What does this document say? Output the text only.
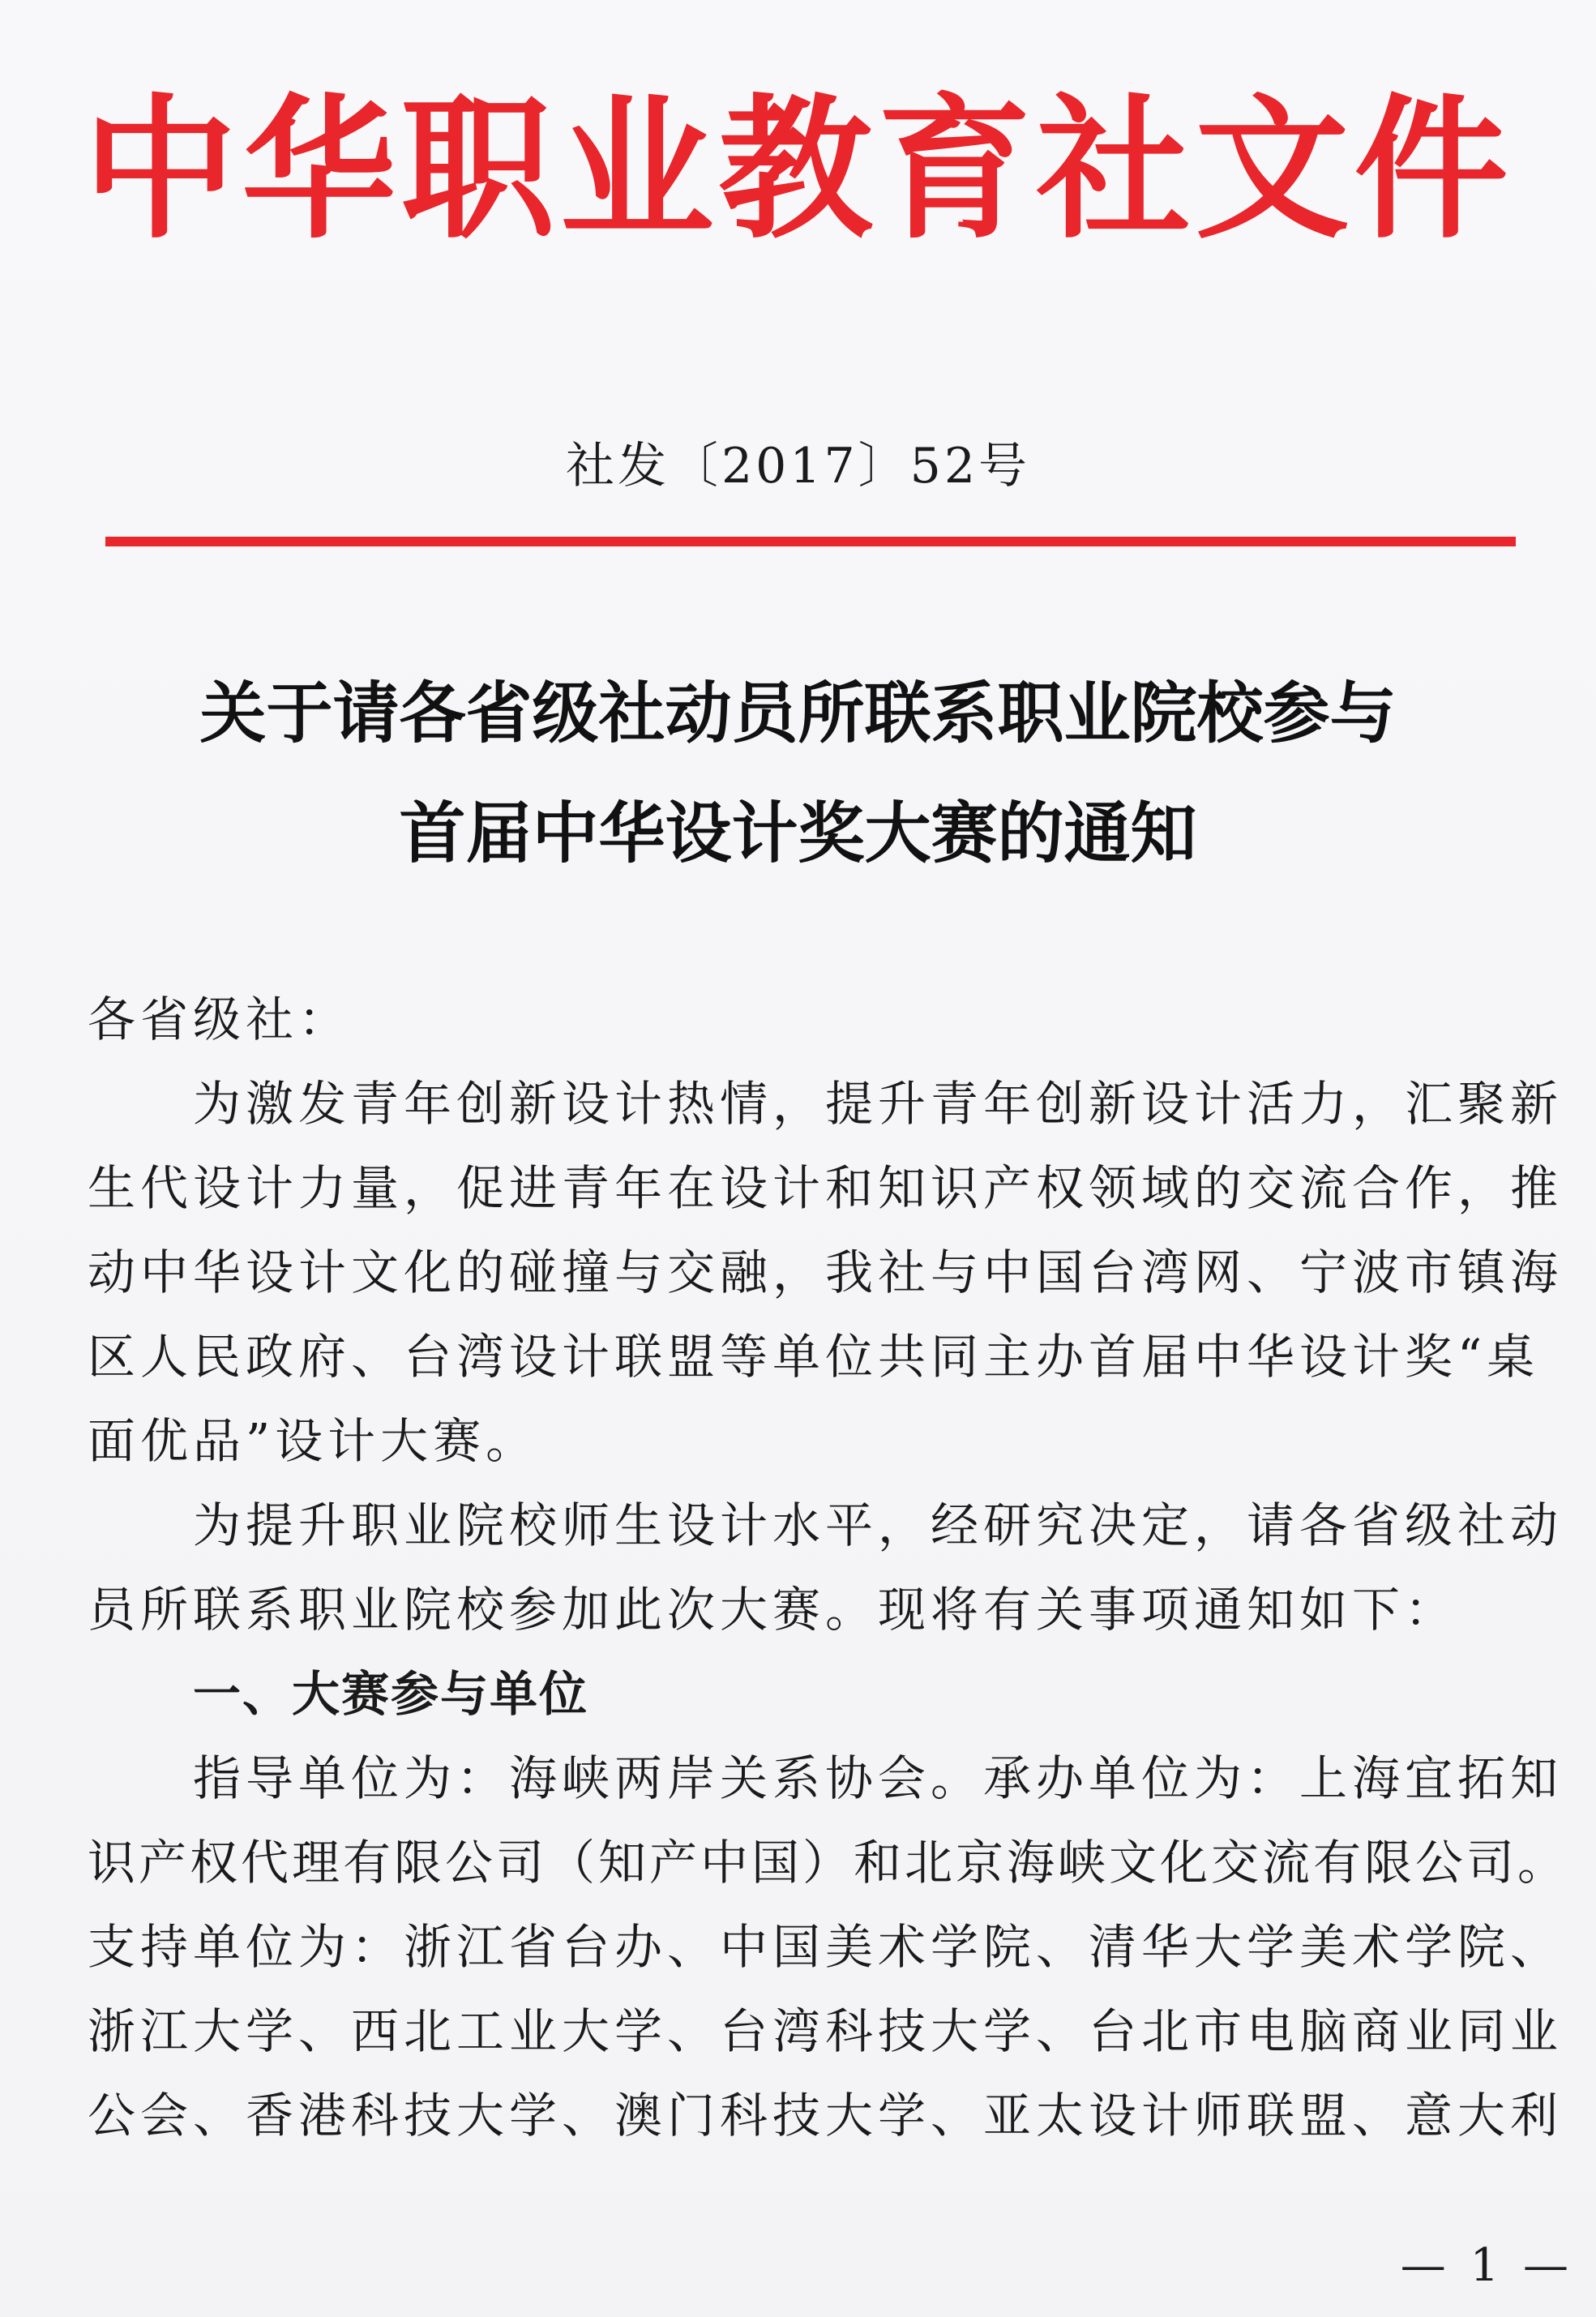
中华职业教育社文件
社发〔2017〕52号
关于请各省级社动员所联系职业院校参与
首届中华设计奖大赛的通知
各省级社：
为激发青年创新设计热情，提升青年创新设计活力，汇聚新
生代设计力量，促进青年在设计和知识产权领域的交流合作，推
动中华设计文化的碰撞与交融，我社与中国台湾网、宁波市镇海
区人民政府、台湾设计联盟等单位共同主办首届中华设计奖“桌
面优品”设计大赛。
为提升职业院校师生设计水平，经研究决定，请各省级社动
员所联系职业院校参加此次大赛。现将有关事项通知如下：
一、大赛参与单位
指导单位为：海峡两岸关系协会。承办单位为：上海宜拓知
识产权代理有限公司（知产中国）和北京海峡文化交流有限公司。
支持单位为：浙江省台办、中国美术学院、清华大学美术学院、
浙江大学、西北工业大学、台湾科技大学、台北市电脑商业同业
公会、香港科技大学、澳门科技大学、亚太设计师联盟、意大利
— 1 —
